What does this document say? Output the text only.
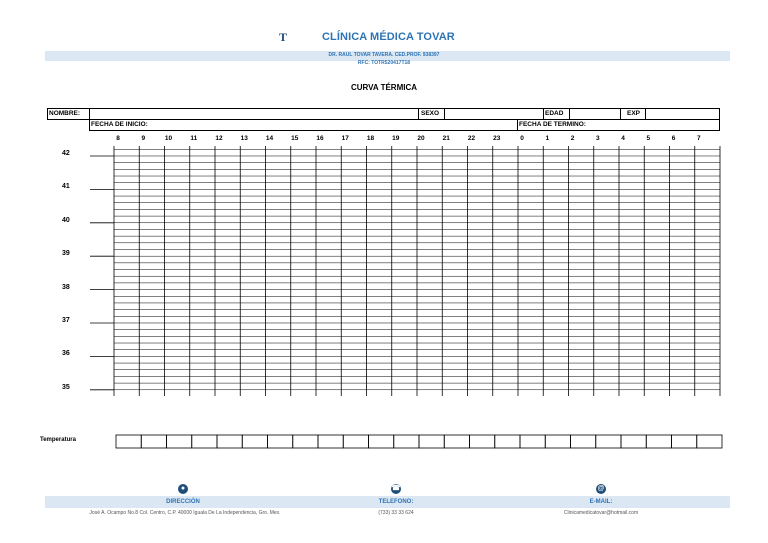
T	CLÍNICA MÉDICA TOVAR
DR. RAUL TOVAR TAVERA. CED.PROF. 938397
RFC: TOTR520417T18
CURVA TÉRMICA
NOMBRE:	SEXO	EDAD	EXP
FECHA DE INICIO:	FECHA DE TERMINO:
8	9	10	11	12	13	14	15	16	17	18	19	20	21	22	23	0	1	2	3	4	5	6	7
42
41
40
39
38
37
36
35
Temperatura
●	☎	@
DIRECCIÓN	TELEFONO:	E-MAIL:
José A. Ocampo No.8 Col. Centro, C.P. 40000 Iguala De La Independencia, Gro. Mex.	(733) 33 33 624	Clinicamedicatovar@hotmail.com
